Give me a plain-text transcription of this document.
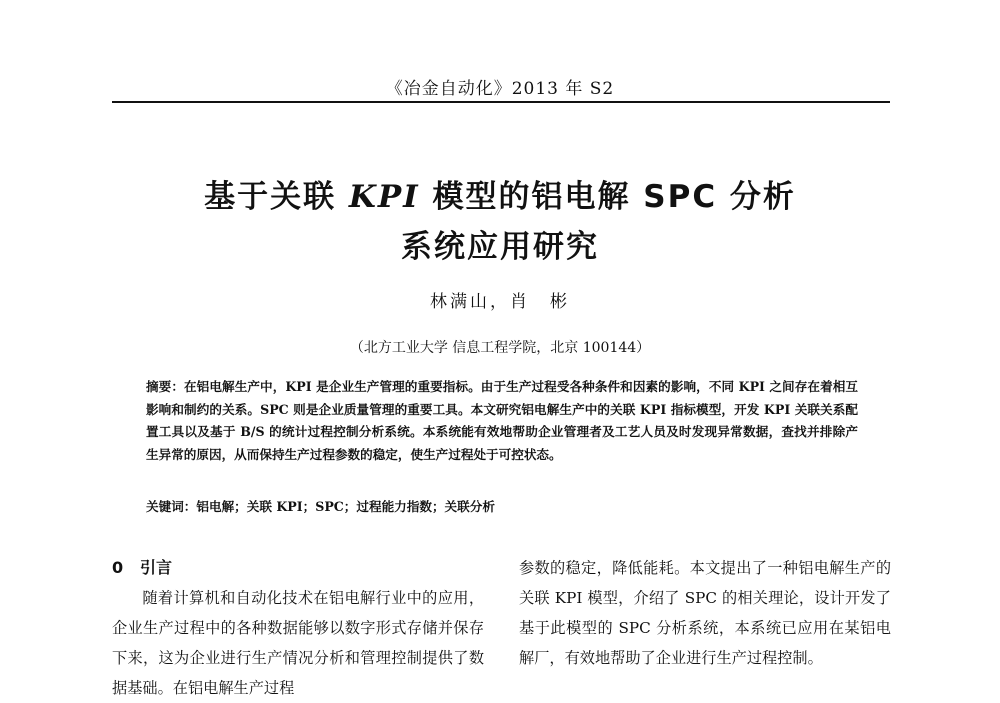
《冶金自动化》2013 年 S2
基于关联 KPI 模型的铝电解 SPC 分析
系统应用研究
林满山，肖　彬
（北方工业大学 信息工程学院，北京 100144）
摘要：在铝电解生产中，KPI 是企业生产管理的重要指标。由于生产过程受各种条件和因素的影响，不同 KPI 之间存在着相互影响和制约的关系。SPC 则是企业质量管理的重要工具。本文研究铝电解生产中的关联 KPI 指标模型，开发 KPI 关联关系配置工具以及基于 B/S 的统计过程控制分析系统。本系统能有效地帮助企业管理者及工艺人员及时发现异常数据，查找并排除产生异常的原因，从而保持生产过程参数的稳定，使生产过程处于可控状态。
关键词：铝电解；关联 KPI；SPC；过程能力指数；关联分析
0 引言

随着计算机和自动化技术在铝电解行业中的应用，企业生产过程中的各种数据能够以数字形式存储并保存下来，这为企业进行生产情况分析和管理控制提供了数据基础。在铝电解生产过程

参数的稳定，降低能耗。本文提出了一种铝电解生产的关联 KPI 模型，介绍了 SPC 的相关理论，设计开发了基于此模型的 SPC 分析系统，本系统已应用在某铝电解厂，有效地帮助了企业进行生产过程控制。
